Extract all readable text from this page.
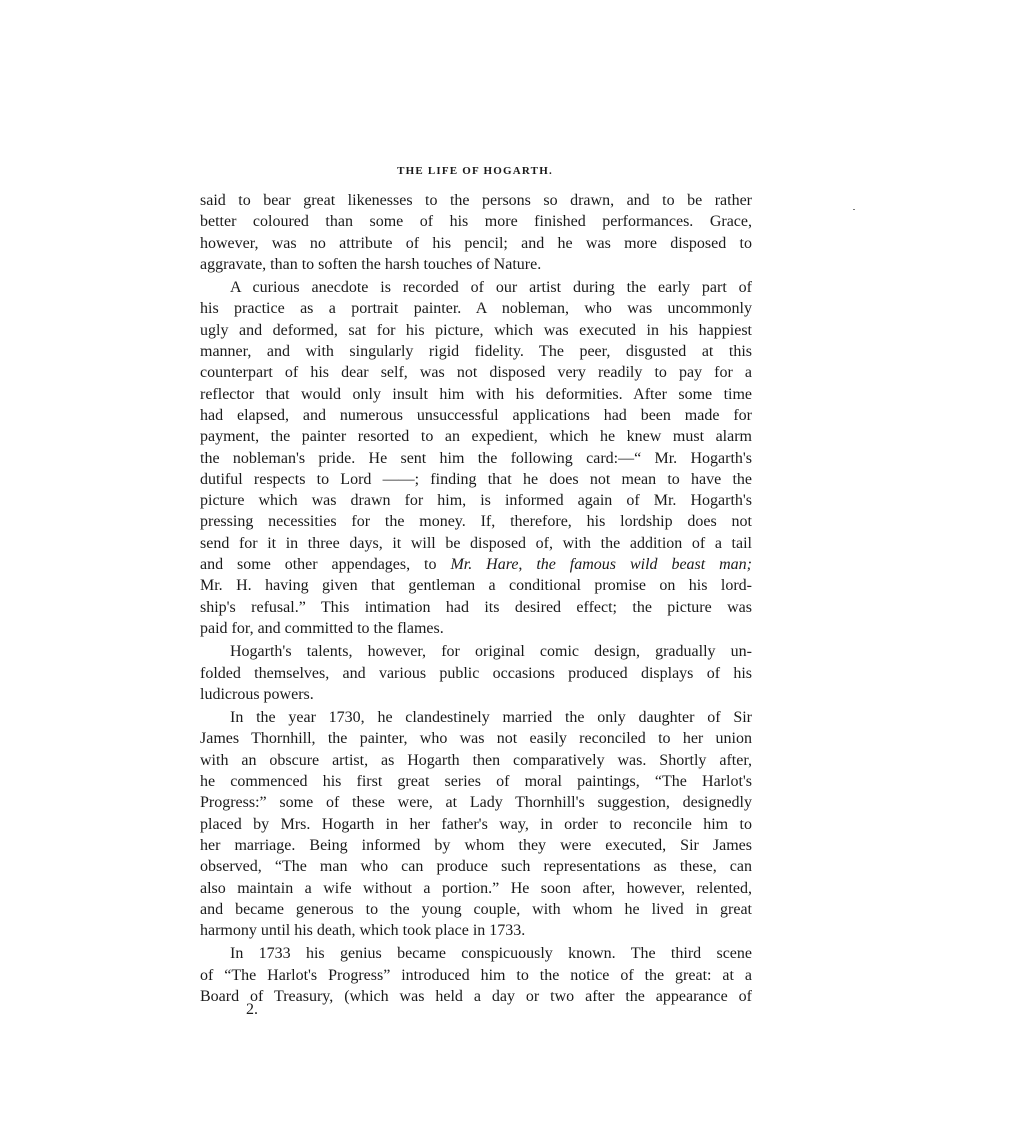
THE LIFE OF HOGARTH.

said to bear great likenesses to the persons so drawn, and to be rather
better coloured than some of his more finished performances. Grace,
however, was no attribute of his pencil; and he was more disposed to
aggravate, than to soften the harsh touches of Nature.

A curious anecdote is recorded of our artist during the early part of
his practice as a portrait painter. A nobleman, who was uncommonly
ugly and deformed, sat for his picture, which was executed in his happiest
manner, and with singularly rigid fidelity. The peer, disgusted at this
counterpart of his dear self, was not disposed very readily to pay for a
reflector that would only insult him with his deformities. After some time
had elapsed, and numerous unsuccessful applications had been made for
payment, the painter resorted to an expedient, which he knew must alarm
the nobleman's pride. He sent him the following card:—“ Mr. Hogarth's
dutiful respects to Lord ——; finding that he does not mean to have the
picture which was drawn for him, is informed again of Mr. Hogarth's
pressing necessities for the money. If, therefore, his lordship does not
send for it in three days, it will be disposed of, with the addition of a tail
and some other appendages, to Mr. Hare, the famous wild beast man;
Mr. H. having given that gentleman a conditional promise on his lord-
ship's refusal.” This intimation had its desired effect; the picture was
paid for, and committed to the flames.

Hogarth's talents, however, for original comic design, gradually un-
folded themselves, and various public occasions produced displays of his
ludicrous powers.

In the year 1730, he clandestinely married the only daughter of Sir
James Thornhill, the painter, who was not easily reconciled to her union
with an obscure artist, as Hogarth then comparatively was. Shortly after,
he commenced his first great series of moral paintings, “The Harlot's
Progress:” some of these were, at Lady Thornhill's suggestion, designedly
placed by Mrs. Hogarth in her father's way, in order to reconcile him to
her marriage. Being informed by whom they were executed, Sir James
observed, “The man who can produce such representations as these, can
also maintain a wife without a portion.” He soon after, however, relented,
and became generous to the young couple, with whom he lived in great
harmony until his death, which took place in 1733.

In 1733 his genius became conspicuously known. The third scene
of “The Harlot's Progress” introduced him to the notice of the great: at a
Board of Treasury, (which was held a day or two after the appearance of

2.
